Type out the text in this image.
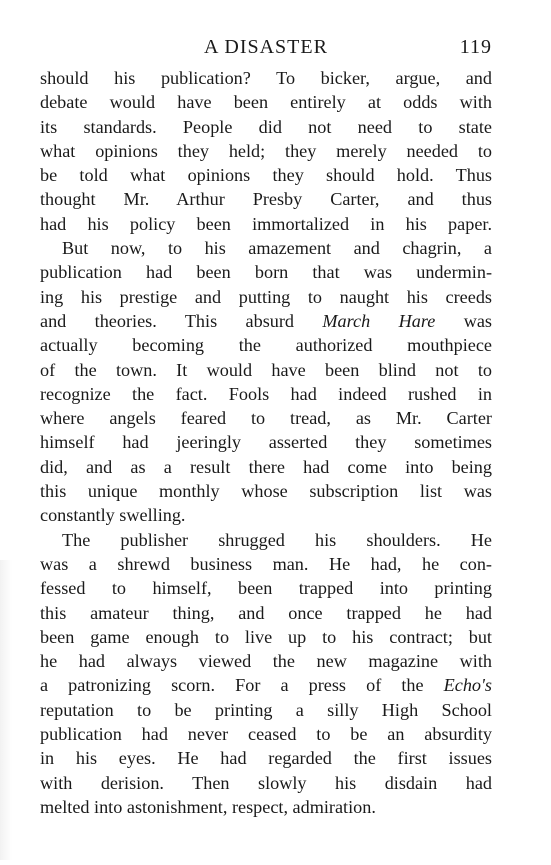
A DISASTER	119

should his publication? To bicker, argue, and
debate would have been entirely at odds with
its standards. People did not need to state
what opinions they held; they merely needed to
be told what opinions they should hold. Thus
thought Mr. Arthur Presby Carter, and thus
had his policy been immortalized in his paper.

But now, to his amazement and chagrin, a
publication had been born that was undermin-
ing his prestige and putting to naught his creeds
and theories. This absurd March Hare was
actually becoming the authorized mouthpiece
of the town. It would have been blind not to
recognize the fact. Fools had indeed rushed in
where angels feared to tread, as Mr. Carter
himself had jeeringly asserted they sometimes
did, and as a result there had come into being
this unique monthly whose subscription list was
constantly swelling.

The publisher shrugged his shoulders. He
was a shrewd business man. He had, he con-
fessed to himself, been trapped into printing
this amateur thing, and once trapped he had
been game enough to live up to his contract; but
he had always viewed the new magazine with
a patronizing scorn. For a press of the Echo's
reputation to be printing a silly High School
publication had never ceased to be an absurdity
in his eyes. He had regarded the first issues
with derision. Then slowly his disdain had
melted into astonishment, respect, admiration.
